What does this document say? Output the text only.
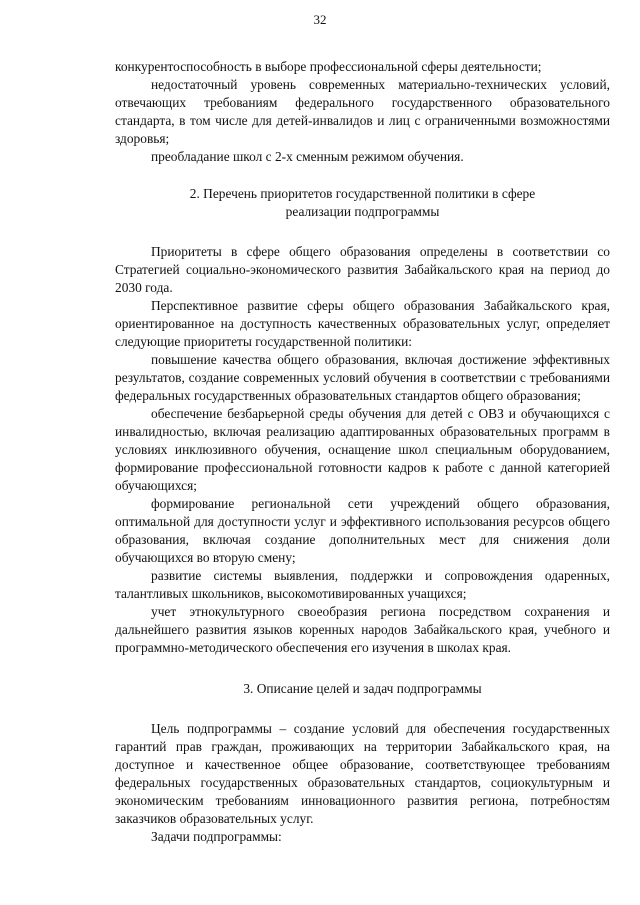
32

конкурентоспособность в выборе профессиональной сферы деятельности;

недостаточный уровень современных материально-технических условий, отвечающих требованиям федерального государственного образовательного стандарта, в том числе для детей-инвалидов и лиц с ограниченными возможностями здоровья;

преобладание школ с 2-х сменным режимом обучения.

2. Перечень приоритетов государственной политики в сфере
реализации подпрограммы

Приоритеты в сфере общего образования определены в соответствии со Стратегией социально-экономического развития Забайкальского края на период до 2030 года.

Перспективное развитие сферы общего образования Забайкальского края, ориентированное на доступность качественных образовательных услуг, определяет следующие приоритеты государственной политики:

повышение качества общего образования, включая достижение эффективных результатов, создание современных условий обучения в соответствии с требованиями федеральных государственных образовательных стандартов общего образования;

обеспечение безбарьерной среды обучения для детей с ОВЗ и обучающихся с инвалидностью, включая реализацию адаптированных образовательных программ в условиях инклюзивного обучения, оснащение школ специальным оборудованием, формирование профессиональной готовности кадров к работе с данной категорией обучающихся;

формирование региональной сети учреждений общего образования, оптимальной для доступности услуг и эффективного использования ресурсов общего образования, включая создание дополнительных мест для снижения доли обучающихся во вторую смену;

развитие системы выявления, поддержки и сопровождения одаренных, талантливых школьников, высокомотивированных учащихся;

учет этнокультурного своеобразия региона посредством сохранения и дальнейшего развития языков коренных народов Забайкальского края, учебного и программно-методического обеспечения его изучения в школах края.

3. Описание целей и задач подпрограммы

Цель подпрограммы – создание условий для обеспечения государственных гарантий прав граждан, проживающих на территории Забайкальского края, на доступное и качественное общее образование, соответствующее требованиям федеральных государственных образовательных стандартов, социокультурным и экономическим требованиям инновационного развития региона, потребностям заказчиков образовательных услуг.

Задачи подпрограммы:
